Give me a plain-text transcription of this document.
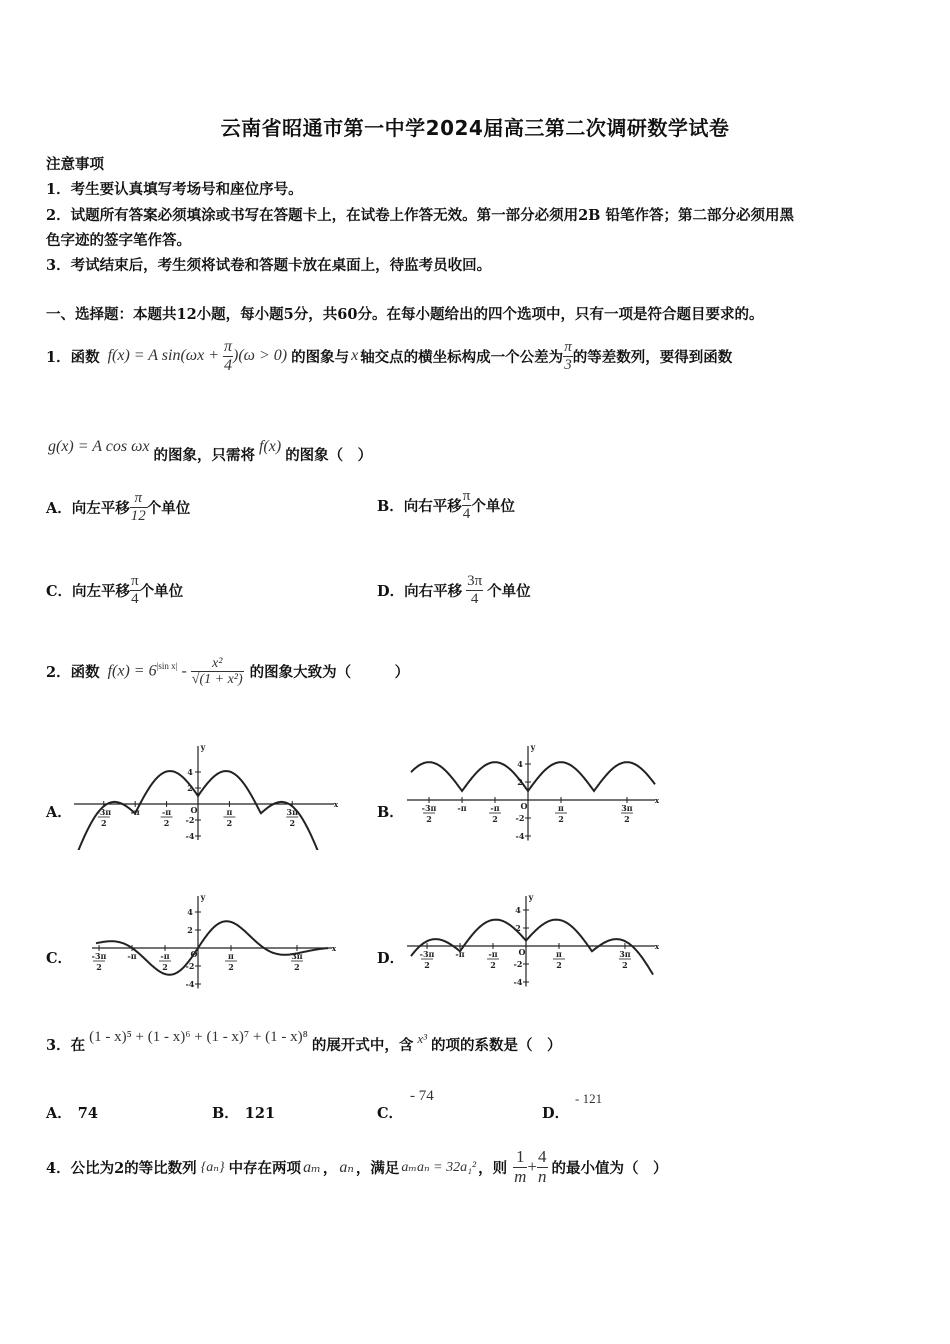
云南省昭通市第一中学2024届高三第二次调研数学试卷
注意事项
1．考生要认真填写考场号和座位序号。
2．试题所有答案必须填涂或书写在答题卡上，在试卷上作答无效。第一部分必须用2B 铅笔作答；第二部分必须用黑
色字迹的签字笔作答。
3．考试结束后，考生须将试卷和答题卡放在桌面上，待监考员收回。
一、选择题：本题共12小题，每小题5分，共60分。在每小题给出的四个选项中，只有一项是符合题目要求的。
1．函数 f(x) = A $\sin(\omega x + \frac{\pi}{4} )(\omega > 0)$ 的图象与 x 轴交点的横坐标构成一个公差为 $\frac{\pi}{3}$ 的等差数列，要得到函数
g(x) = A cos ωx
的图象，只需将
f(x)
的图象（　）
A．向左平移 $\frac{\pi}{12}$ 个单位	B．向右平移 $\frac{\pi}{4}$ 个单位
C．向左平移 $\frac{\pi}{4}$ 个单位	D．向右平移 $\frac{3\pi}{4}$ 个单位
2．函数 $f(x) = 6^{|sin x|} - \frac{\text{x²}}{\text{√(1 + x²)}}$ 的图象大致为（　　　）
A．	B．
C．	D．
y
x
O
4
2
-2
-4
-3π
2
-π	-π
2
π
2
3π
2
y
x
O
4
2
-2
-4
-3π
2
-π	-π
2
π
2
3π
2
y
x
O
4
2
-2
-4
-3π
2
-π	-π
2
π
2
3π
2
y
x
O
4
2
-2
-4
-3π
2
-π	-π
2
π
2
3π
2
3．在 (1 - x)⁵ + (1 - x)⁶ + (1 - x)⁷ + (1 - x)⁸ 的展开式中，含 x³ 的项的系数是（　）
A． 74	B． 121	C．
- 74
D．
- 121
4．公比为2的等比数列 {aₙ} 中存在两项 aₘ ， aₙ ，满足 aₘaₙ = 32a₁² ，则 $\frac{1}{m} + \frac{4}{n}$ 的最小值为（　）
